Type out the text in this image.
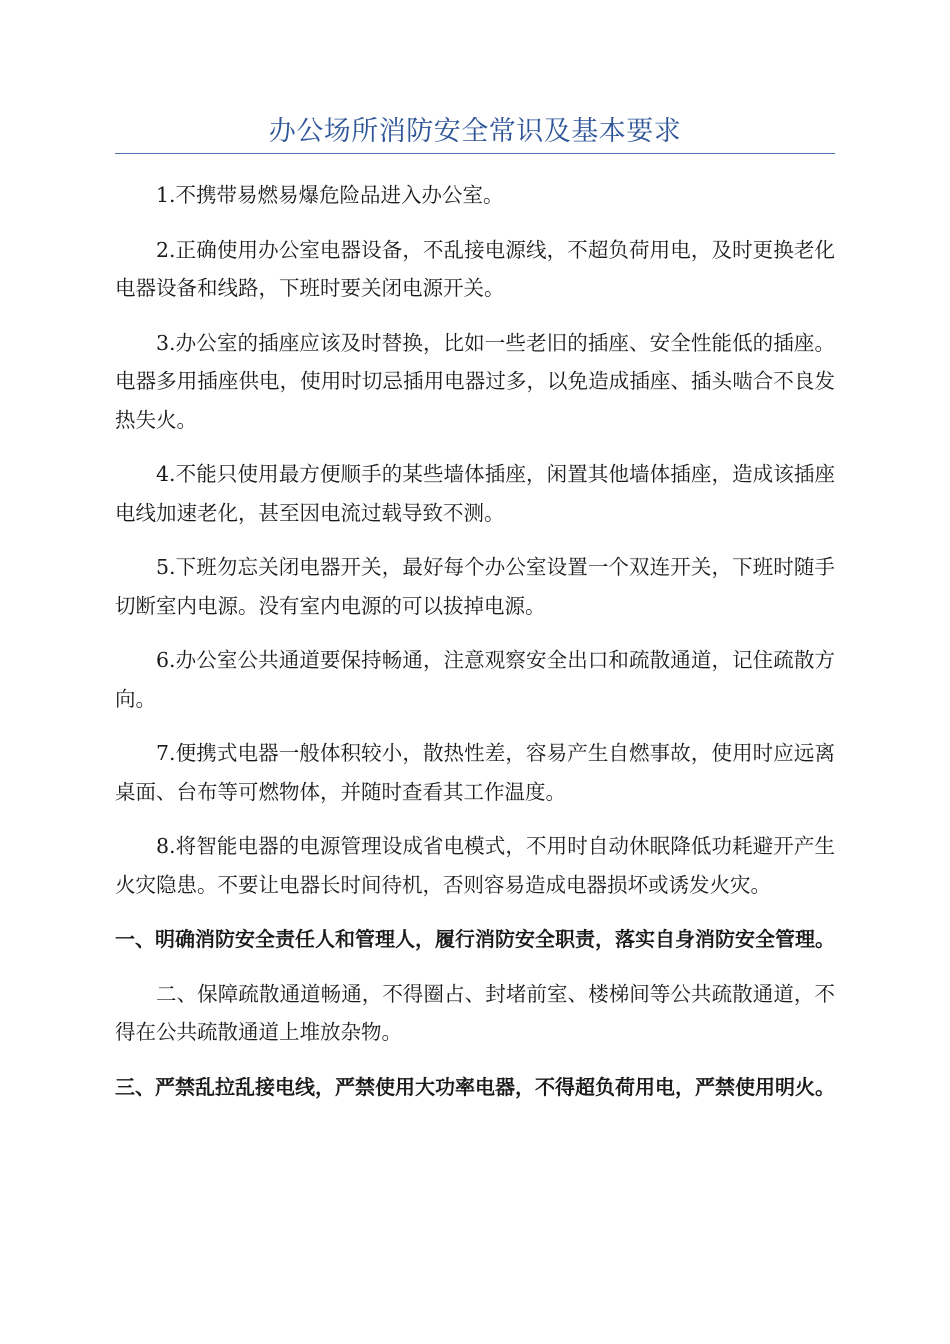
办公场所消防安全常识及基本要求

1.不携带易燃易爆危险品进入办公室。

2.正确使用办公室电器设备，不乱接电源线，不超负荷用电，及时更换老化电器设备和线路，下班时要关闭电源开关。

3.办公室的插座应该及时替换，比如一些老旧的插座、安全性能低的插座。电器多用插座供电，使用时切忌插用电器过多，以免造成插座、插头啮合不良发热失火。

4.不能只使用最方便顺手的某些墙体插座，闲置其他墙体插座，造成该插座电线加速老化，甚至因电流过载导致不测。

5.下班勿忘关闭电器开关，最好每个办公室设置一个双连开关，下班时随手切断室内电源。没有室内电源的可以拔掉电源。

6.办公室公共通道要保持畅通，注意观察安全出口和疏散通道，记住疏散方向。

7.便携式电器一般体积较小，散热性差，容易产生自燃事故，使用时应远离桌面、台布等可燃物体，并随时查看其工作温度。

8.将智能电器的电源管理设成省电模式，不用时自动休眠降低功耗避开产生火灾隐患。不要让电器长时间待机，否则容易造成电器损坏或诱发火灾。

一、明确消防安全责任人和管理人，履行消防安全职责，落实自身消防安全管理。

二、保障疏散通道畅通，不得圈占、封堵前室、楼梯间等公共疏散通道，不得在公共疏散通道上堆放杂物。

三、严禁乱拉乱接电线，严禁使用大功率电器，不得超负荷用电，严禁使用明火。
